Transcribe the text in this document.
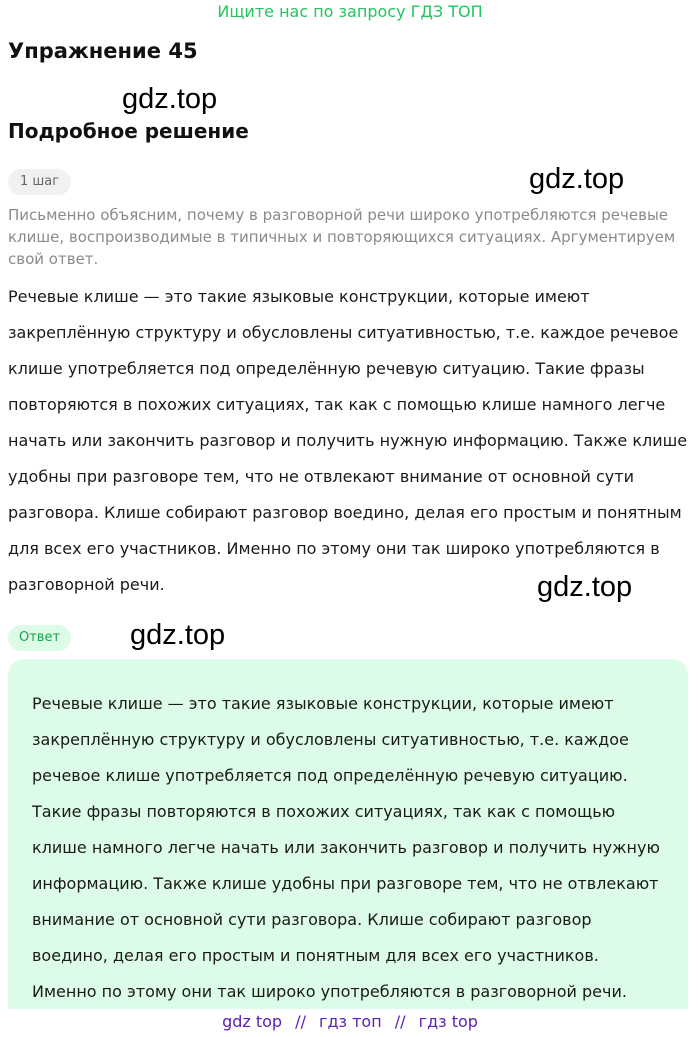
Ищите нас по запросу ГДЗ ТОП
Упражнение 45
gdz.top
Подробное решение
gdz.top
1 шаг

Письменно объясним, почему в разговорной речи широко употребляются речевые клише, воспроизводимые в типичных и повторяющихся ситуациях. Аргументируем свой ответ.

Речевые клише — это такие языковые конструкции, которые имеют закреплённую структуру и обусловлены ситуативностью, т.е. каждое речевое клише употребляется под определённую речевую ситуацию. Такие фразы повторяются в похожих ситуациях, так как с помощью клише намного легче начать или закончить разговор и получить нужную информацию. Также клише удобны при разговоре тем, что не отвлекают внимание от основной сути разговора. Клише собирают разговор воедино, делая его простым и понятным для всех его участников. Именно по этому они так широко употребляются в разговорной речи.	gdz.top
Ответ	gdz.top

Речевые клише — это такие языковые конструкции, которые имеют закреплённую структуру и обусловлены ситуативностью, т.е. каждое речевое клише употребляется под определённую речевую ситуацию. Такие фразы повторяются в похожих ситуациях, так как с помощью клише намного легче начать или закончить разговор и получить нужную информацию. Также клише удобны при разговоре тем, что не отвлекают внимание от основной сути разговора. Клише собирают разговор воедино, делая его простым и понятным для всех его участников. Именно по этому они так широко употребляются в разговорной речи.

gdz top // гдз топ // гдз top
